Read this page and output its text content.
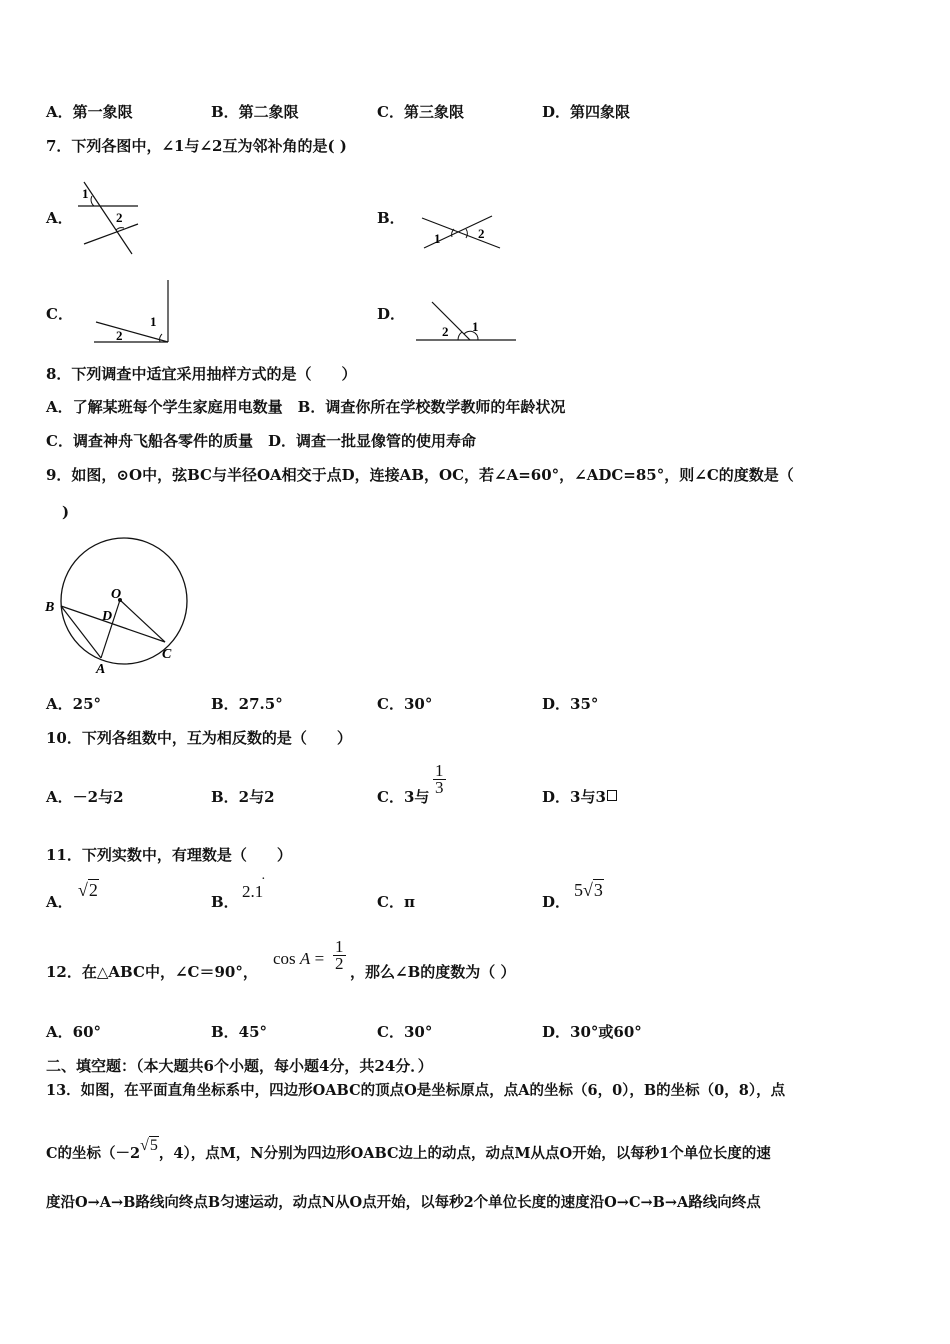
A．第一象限	B．第二象限	C．第三象限	D．第四象限
7．下列各图中，∠1与∠2互为邻补角的是( )
A．	B．
C．	D．
1
2
1	2
1
2	2 1
8．下列调查中适宜采用抽样方式的是（　　）
A．了解某班每个学生家庭用电数量　B．调查你所在学校数学教师的年龄状况
C．调查神舟飞船各零件的质量　D．调查一批显像管的使用寿命
9．如图，⊙O中，弦BC与半径OA相交于点D，连接AB，OC，若∠A=60°，∠ADC=85°，则∠C的度数是（
)
O
D
B
A
C
A．25°	B．27.5°	C．30°	D．35°
10．下列各组数中，互为相反数的是（　　）
A．－2与2	B．2与2	C．3与
$\frac{1}{3}$
D．3与3
11．下列实数中，有理数是（　　）
A．
√2
B．
2.1
·
C．π	D．
5√3
12．在△ABC中，∠C＝90°，
$\cos A = \frac{1}{2}$ ，那么∠B的度数为（ ）
A．60°	B．45°	C．30°	D．30°或60°
二、填空题：（本大题共6个小题，每小题4分，共24分．）
13．如图，在平面直角坐标系中，四边形OABC的顶点O是坐标原点，点A的坐标（6，0），B的坐标（0，8），点
C的坐标（－2√5，4），点M，N分别为四边形OABC边上的动点，动点M从点O开始，以每秒1个单位长度的速
度沿O→A→B路线向终点B匀速运动，动点N从O点开始，以每秒2个单位长度的速度沿O→C→B→A路线向终点
